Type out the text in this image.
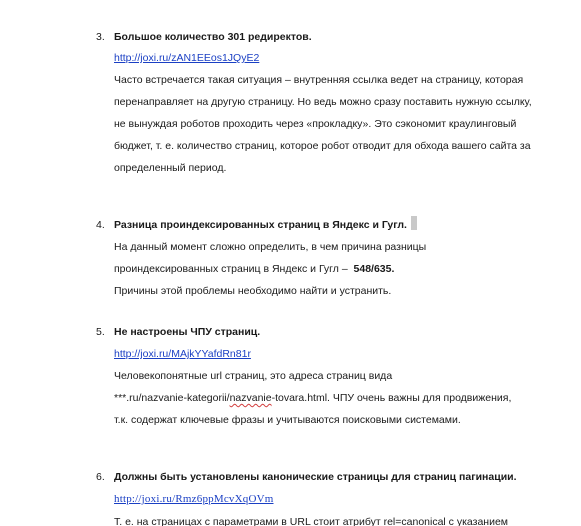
3. Большое количество 301 редиректов.
http://joxi.ru/zAN1EEos1JQyE2
Часто встречается такая ситуация – внутренняя ссылка ведет на страницу, которая
перенаправляет на другую страницу. Но ведь можно сразу поставить нужную ссылку,
не вынуждая роботов проходить через «прокладку». Это сэкономит краулинговый
бюджет, т. е. количество страниц, которое робот отводит для обхода вашего сайта за
определенный период.
4. Разница проиндексированных страниц в Яндекс и Гугл.
На данный момент сложно определить, в чем причина разницы
проиндексированных страниц в Яндекс и Гугл – 548/635.
Причины этой проблемы необходимо найти и устранить.
5. Не настроены ЧПУ страниц.
http://joxi.ru/MAjkYYafdRn81r
Человекопонятные url страниц, это адреса страниц вида
***.ru/nazvanie-kategorii/nazvanie-tovara.html. ЧПУ очень важны для продвижения,
т.к. содержат ключевые фразы и учитываются поисковыми системами.
6. Должны быть установлены канонические страницы для страниц пагинации.
http://joxi.ru/Rmz6ppMcvXqOVm
Т. е. на страницах с параметрами в URL стоит атрибут rel=canonical с указанием
